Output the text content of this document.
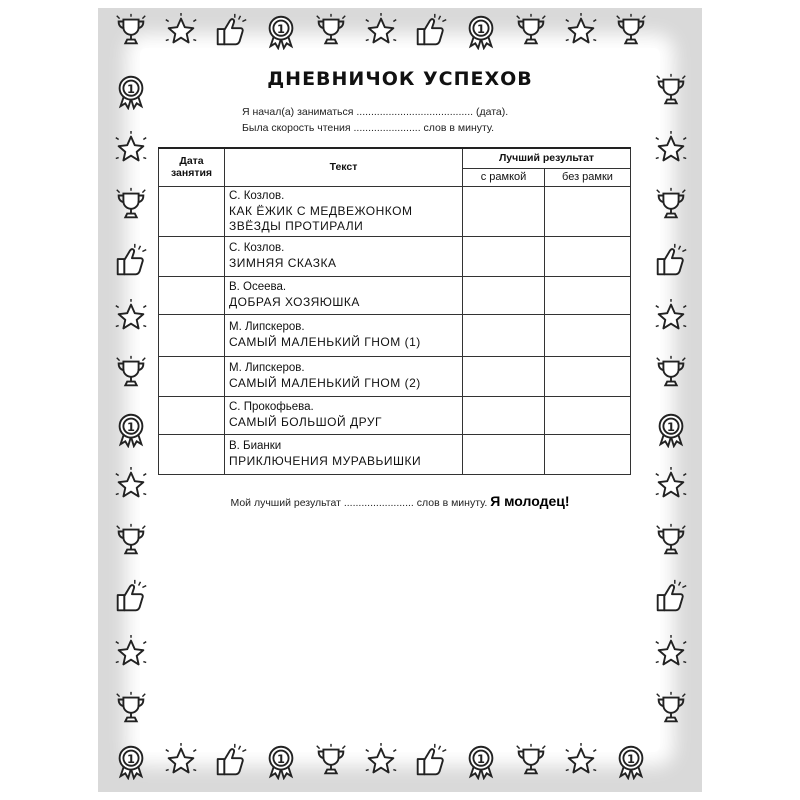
1	1
1	1	1	1
1
1	1
ДНЕВНИЧОК УСПЕХОВ
Я начал(а) заниматься ........................................ (дата).
Была скорость чтения ....................... слов в минуту.
Дата занятия	Текст	Лучший результат	
		с рамкой	без рамки

	С. Козлов.
КАК ЁЖИК С МЕДВЕЖОНКОМ ЗВЁЗДЫ ПРОТИРАЛИ		

	С. Козлов.
ЗИМНЯЯ СКАЗКА		

	В. Осеева.
ДОБРАЯ ХОЗЯЮШКА		

	М. Липскеров.
САМЫЙ МАЛЕНЬКИЙ ГНОМ (1)		

	М. Липскеров.
САМЫЙ МАЛЕНЬКИЙ ГНОМ (2)		

	С. Прокофьева.
САМЫЙ БОЛЬШОЙ ДРУГ		

	В. Бианки
ПРИКЛЮЧЕНИЯ МУРАВЬИШКИ		

Мой лучший результат ........................ слов в минуту. Я молодец!
